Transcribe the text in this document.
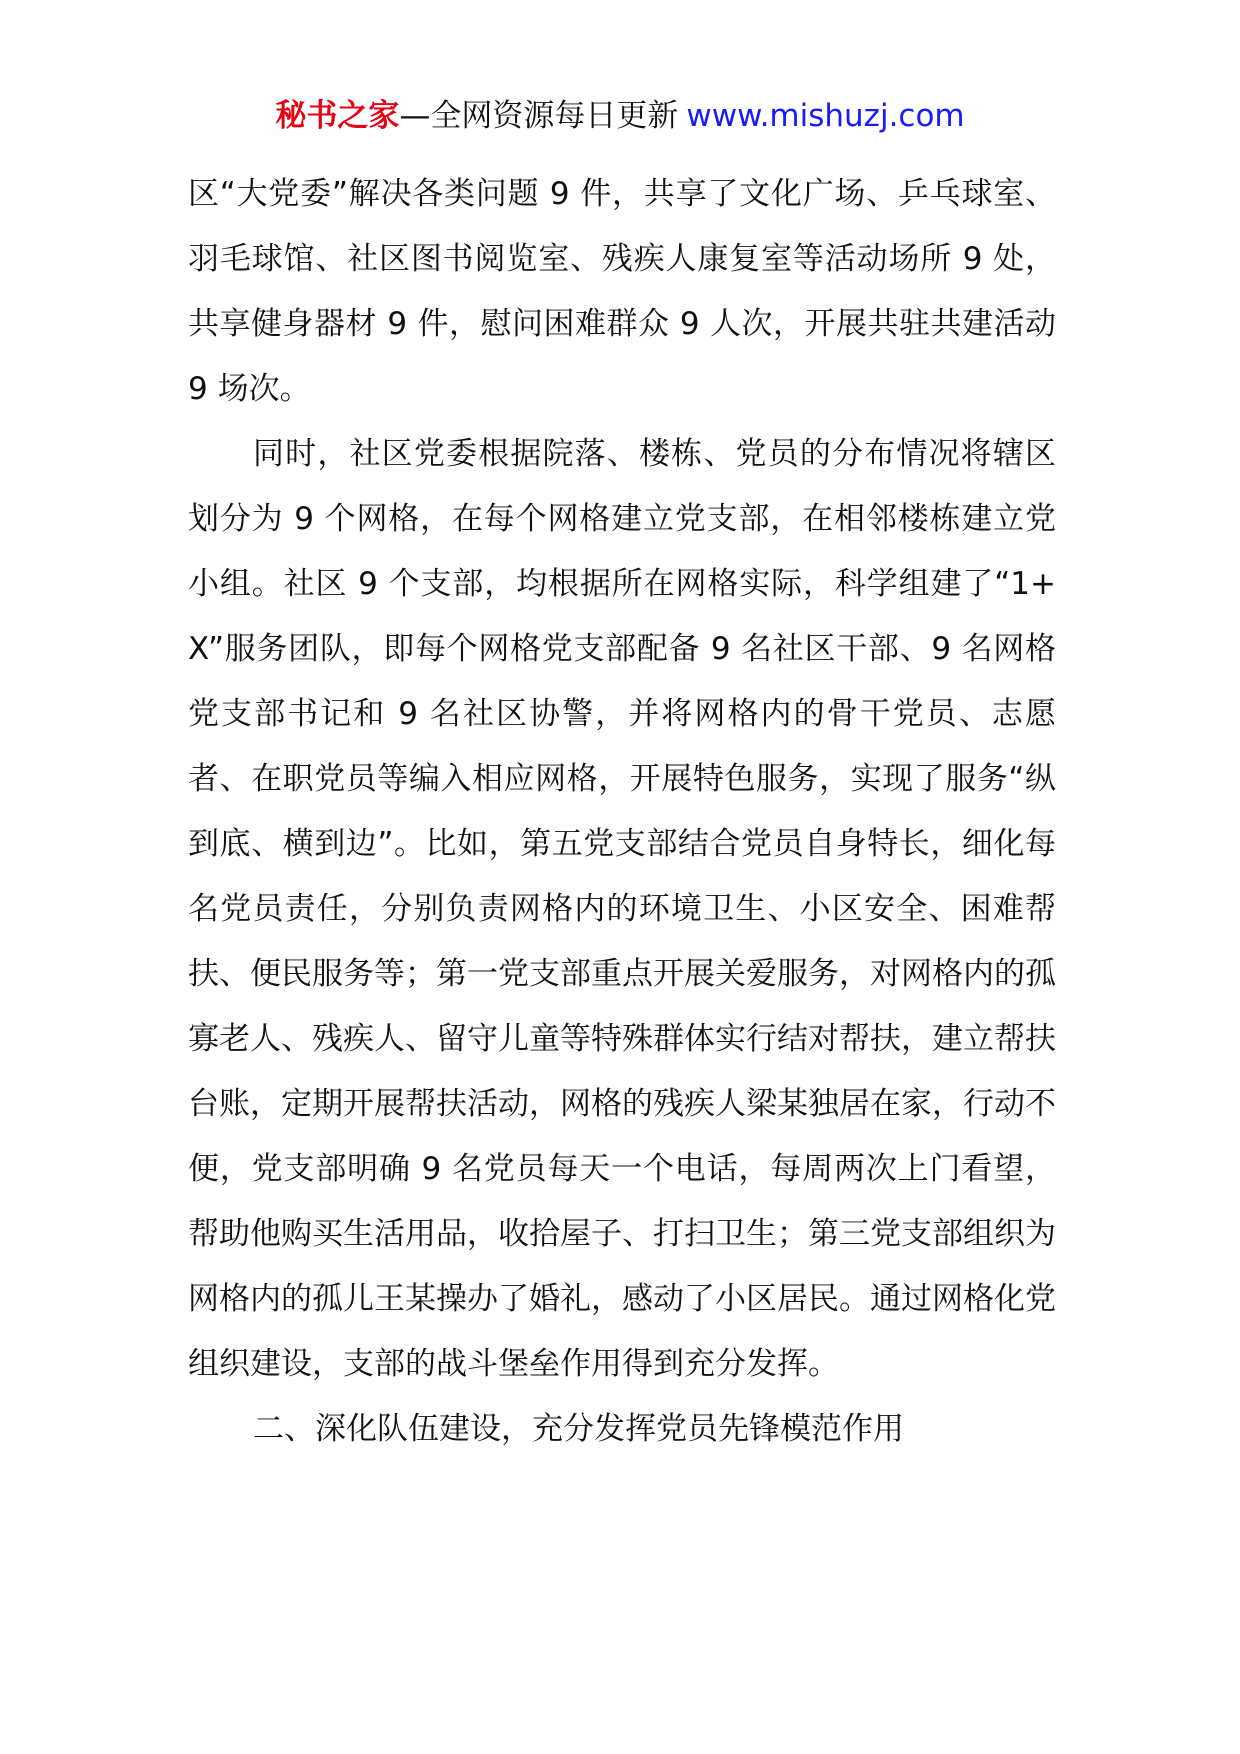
秘书之家—全网资源每日更新 www.mishuzj.com

区“大党委”解决各类问题 9 件，共享了文化广场、乒乓球室、羽毛球馆、社区图书阅览室、残疾人康复室等活动场所 9 处，共享健身器材 9 件，慰问困难群众 9 人次，开展共驻共建活动 9 场次。

同时，社区党委根据院落、楼栋、党员的分布情况将辖区划分为 9 个网格，在每个网格建立党支部，在相邻楼栋建立党小组。社区 9 个支部，均根据所在网格实际，科学组建了“1+X”服务团队，即每个网格党支部配备 9 名社区干部、9 名网格党支部书记和 9 名社区协警，并将网格内的骨干党员、志愿者、在职党员等编入相应网格，开展特色服务，实现了服务“纵到底、横到边”。比如，第五党支部结合党员自身特长，细化每名党员责任，分别负责网格内的环境卫生、小区安全、困难帮扶、便民服务等；第一党支部重点开展关爱服务，对网格内的孤寡老人、残疾人、留守儿童等特殊群体实行结对帮扶，建立帮扶台账，定期开展帮扶活动，网格的残疾人梁某独居在家，行动不便，党支部明确 9 名党员每天一个电话，每周两次上门看望，帮助他购买生活用品，收拾屋子、打扫卫生；第三党支部组织为网格内的孤儿王某操办了婚礼，感动了小区居民。通过网格化党组织建设，支部的战斗堡垒作用得到充分发挥。

二、深化队伍建设，充分发挥党员先锋模范作用
